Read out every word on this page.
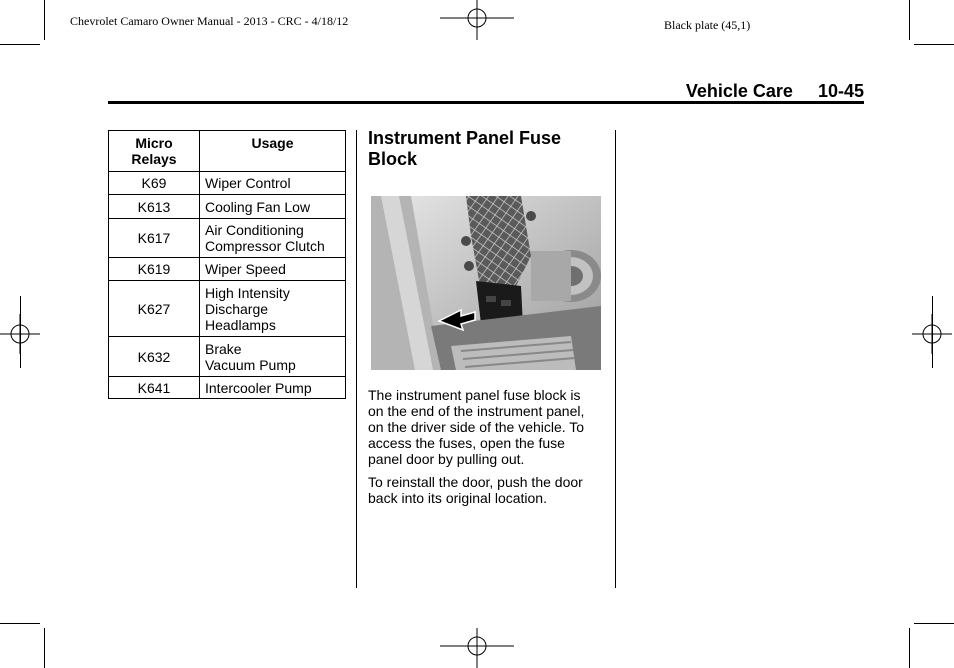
Chevrolet Camaro Owner Manual - 2013 - CRC - 4/18/12	Black plate (45,1)
Vehicle Care 10-45
Micro
Relays	Usage
K69	Wiper Control

K613	Cooling Fan Low

K617	Air Conditioning
Compressor Clutch

K619	Wiper Speed

K627	High Intensity
Discharge
Headlamps

K632	Brake
Vacuum Pump

K641	Intercooler Pump
Instrument Panel Fuse
Block
The instrument panel fuse block is
on the end of the instrument panel,
on the driver side of the vehicle. To
access the fuses, open the fuse
panel door by pulling out.
To reinstall the door, push the door
back into its original location.
